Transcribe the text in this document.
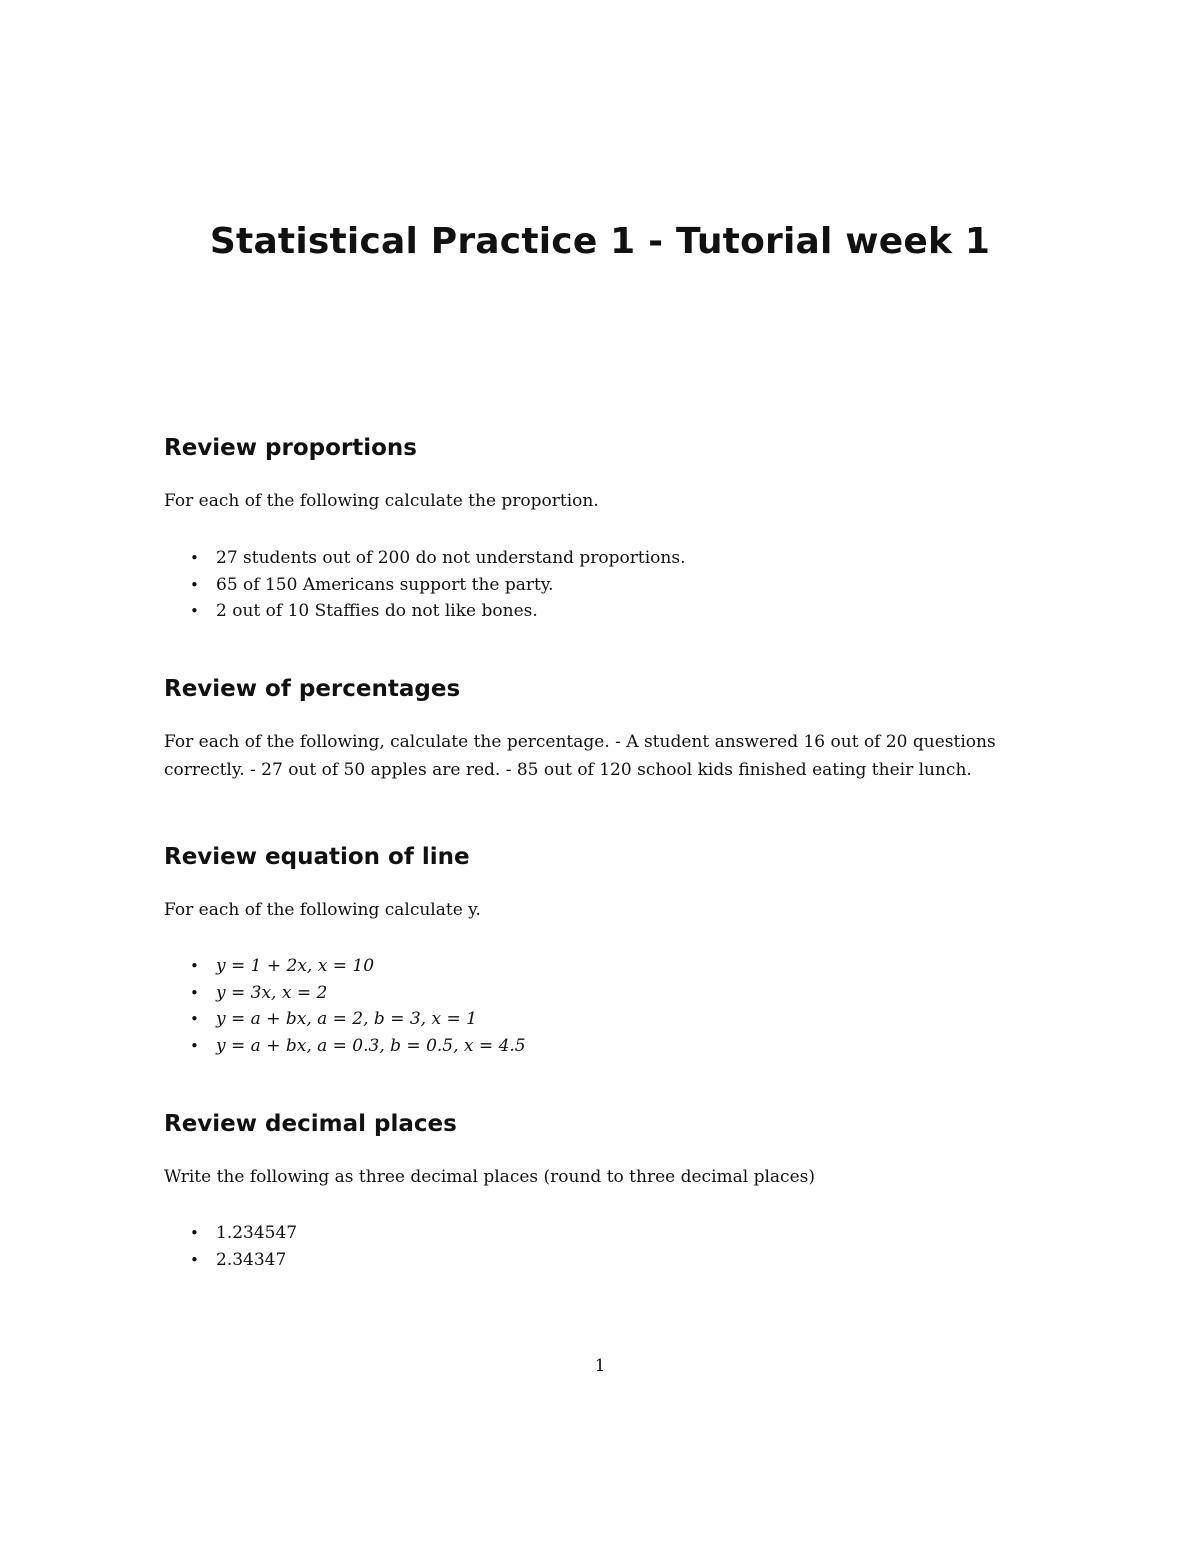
Statistical Practice 1 - Tutorial week 1
Review proportions

For each of the following calculate the proportion.

• 27 students out of 200 do not understand proportions.
• 65 of 150 Americans support the party.
• 2 out of 10 Staffies do not like bones.
Review of percentages

For each of the following, calculate the percentage. - A student answered 16 out of 20 questions correctly. - 27 out of 50 apples are red. - 85 out of 120 school kids finished eating their lunch.

Review equation of line

For each of the following calculate y.

• y = 1 + 2x, x = 10
• y = 3x, x = 2
• y = a + bx, a = 2, b = 3, x = 1
• y = a + bx, a = 0.3, b = 0.5, x = 4.5
Review decimal places

Write the following as three decimal places (round to three decimal places)

• 1.234547
• 2.34347
1
